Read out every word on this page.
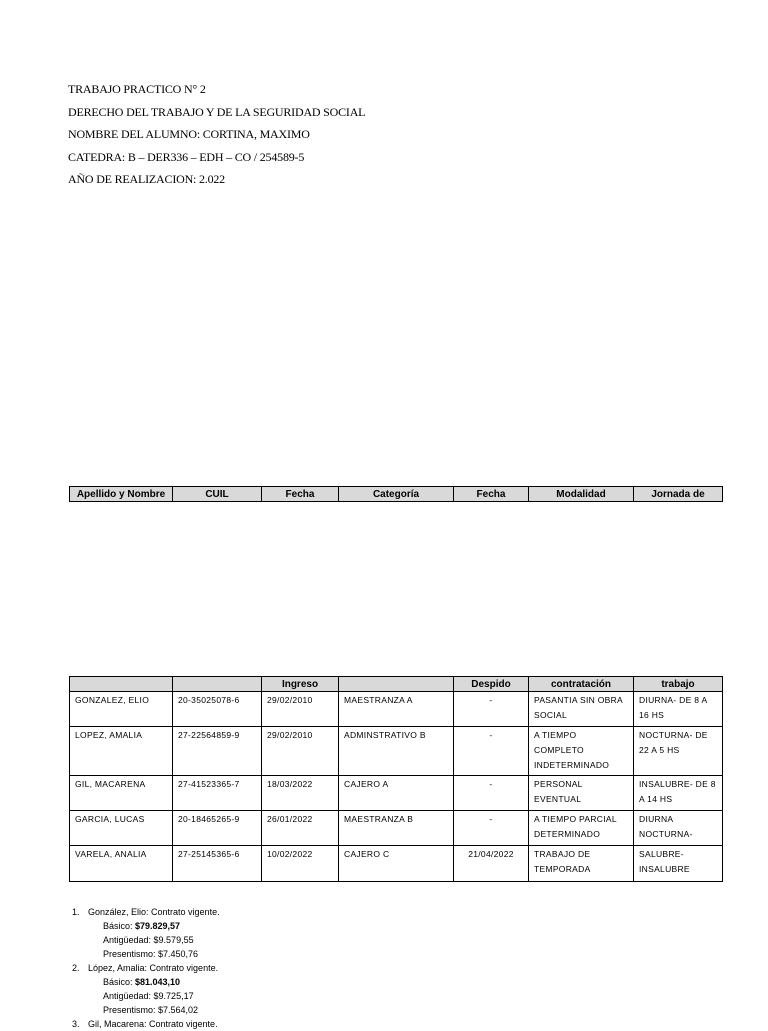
TRABAJO PRACTICO N° 2
DERECHO DEL TRABAJO Y DE LA SEGURIDAD SOCIAL
NOMBRE DEL ALUMNO: CORTINA, MAXIMO
CATEDRA: B – DER336 – EDH – CO / 254589-5
AÑO DE REALIZACION: 2.022
Apellido y Nombre	CUIL	Fecha	Categoría	Fecha	Modalidad	Jornada de
		Ingreso		Despido	contratación	trabajo
GONZALEZ, ELIO	20-35025078-6	29/02/2010	MAESTRANZA A	-	PASANTIA SIN OBRA SOCIAL	DIURNA- DE 8 A 16 HS
LOPEZ, AMALIA	27-22564859-9	29/02/2010	ADMINSTRATIVO B	-	A TIEMPO COMPLETO INDETERMINADO	NOCTURNA- DE 22 A 5 HS
GIL, MACARENA	27-41523365-7	18/03/2022	CAJERO A	-	PERSONAL EVENTUAL	INSALUBRE- DE 8 A 14 HS
GARCIA, LUCAS	20-18465265-9	26/01/2022	MAESTRANZA B	-	A TIEMPO PARCIAL DETERMINADO	DIURNA NOCTURNA-
VARELA, ANALIA	27-25145365-6	10/02/2022	CAJERO C	21/04/2022	TRABAJO DE TEMPORADA	SALUBRE- INSALUBRE
1. González, Elio: Contrato vigente.
Básico: $79.829,57
Antigüedad: $9.579,55
Presentismo: $7.450,76
2. López, Amalia: Contrato vigente.
Básico: $81.043,10
Antigüedad: $9.725,17
Presentismo: $7.564,02
3. Gil, Macarena: Contrato vigente.
